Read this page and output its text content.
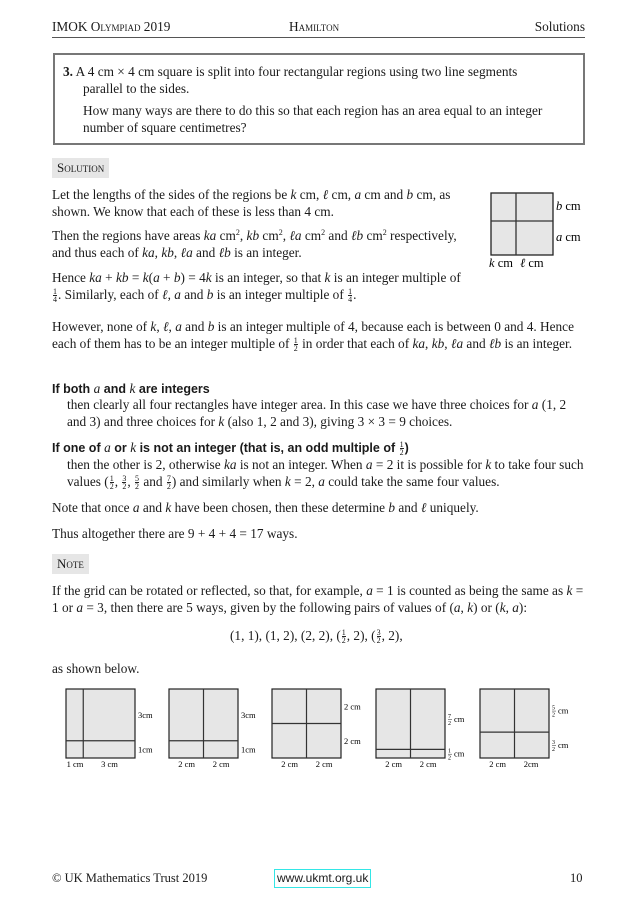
IMOK Olympiad 2019	Hamilton	Solutions

3. A 4 cm × 4 cm square is split into four rectangular regions using two line segments
parallel to the sides.

How many ways are there to do this so that each region has an area equal to an integer number of square centimetres?

Solution
Let the lengths of the sides of the regions be k cm, ℓ cm, a cm and b cm, as shown. We know that each of these is less than 4 cm.
Then the regions have areas ka $cm^2$, kb $cm^2$, ℓa $cm^2$ and ℓb $cm^2$ respectively, and thus each of ka, kb, ℓa and ℓb is an integer.
Hence ka + kb = k(a + b) = 4k is an integer, so that k is an integer multiple of
$\frac{1}{4}$ . Similarly, each of ℓ, a and b is an integer multiple of $\frac{1}{4}$ .
b cm
a cm
k cm ℓ cm
However, none of k, ℓ, a and b is an integer multiple of 4, because each is between 0 and 4. Hence each of them has to be an integer multiple of $\frac{1}{2}$ in order that each of ka, kb, ℓa and ℓb is an integer.
If both a and k are integers
then clearly all four rectangles have integer area. In this case we have three choices for a (1, 2 and 3) and three choices for k (also 1, 2 and 3), giving 3 × 3 = 9 choices.
If one of a or k is not an integer (that is, an odd multiple of $\frac{1}{2}$ )
then the other is 2, otherwise ka is not an integer. When a = 2 it is possible for k to take four such values ( $\frac{1}{2}$ , $\frac{3}{2}$ , $\frac{5}{2}$ and $\frac{7}{2}$ ) and similarly when k = 2, a could take the same four values.
Note that once a and k have been chosen, then these determine b and ℓ uniquely.
Thus altogether there are 9 + 4 + 4 = 17 ways.
Note
If the grid can be rotated or reflected, so that, for example, a = 1 is counted as being the same as k = 1 or a = 3, then there are 5 ways, given by the following pairs of values of (a, k) or (k, a):
(1, 1), (1, 2), (2, 2), ( $\frac{1}{2}$ , 2), ( $\frac{3}{2}$ , 2),
as shown below.
1 cm 3 cm
3cm
1cm
2 cm 2 cm
3cm
1cm
2 cm 2 cm
2 cm
2 cm
2 cm 2 cm
cm
7
2
cm
1
2
2 cm 2cm
cm
5
2
cm
3
2
© UK Mathematics Trust 2019	www.ukmt.org.uk	10
